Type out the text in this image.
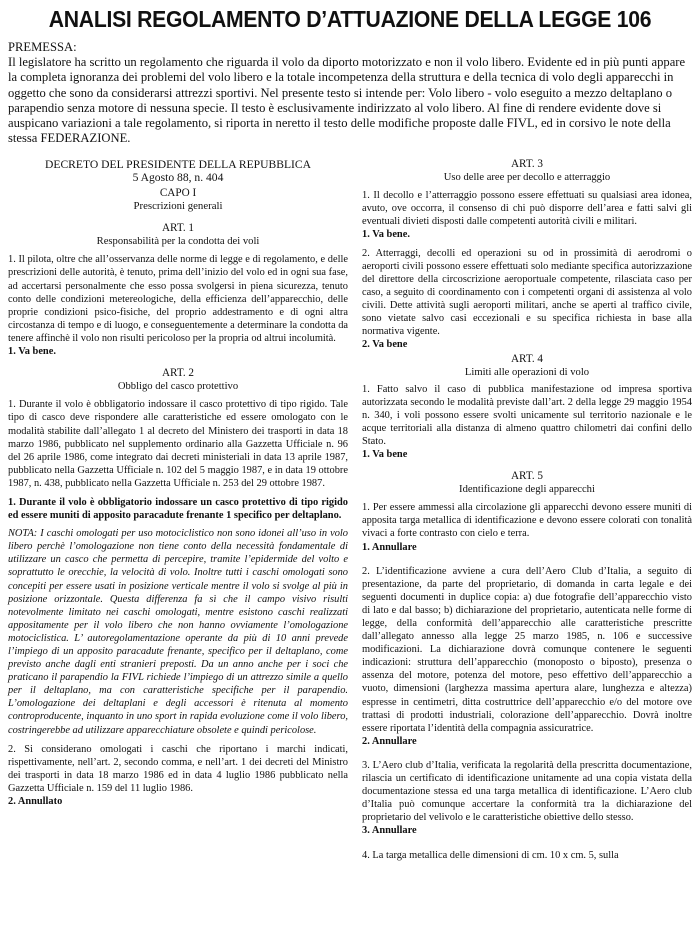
ANALISI REGOLAMENTO D’ATTUAZIONE DELLA LEGGE 106
PREMESSA:
Il legislatore ha scritto un regolamento che riguarda il volo da diporto motorizzato e non il volo libero. Evidente ed in più punti appare la completa ignoranza dei problemi del volo libero e la totale incompetenza della struttura e della tecnica di volo degli apparecchi in oggetto che sono da considerarsi attrezzi sportivi. Nel presente testo si intende per: Volo libero - volo eseguito a mezzo deltaplano o parapendio senza motore di nessuna specie. Il testo è esclusivamente indirizzato al volo libero. Al fine di rendere evidente dove si auspicano variazioni a tale regolamento, si riporta in neretto il testo delle modifiche proposte dalle FIVL, ed in corsivo le note della stessa FEDERAZIONE.
DECRETO DEL PRESIDENTE DELLA REPUBBLICA
5 Agosto 88, n. 404
CAPO I
Prescrizioni generali
ART. 1
Responsabilità per la condotta dei voli

1. Il pilota, oltre che all’osservanza delle norme di legge e di regolamento, e delle prescrizioni delle autorità, è tenuto, prima dell’inizio del volo ed in ogni sua fase, ad accertarsi personalmente che esso possa svolgersi in piena sicurezza, tenuto conto delle condizioni metereologiche, della efficienza dell’apparecchio, delle proprie condizioni psico-fisiche, del proprio addestramento e di ogni altra circostanza di tempo e di luogo, e conseguentemente a determinare la condotta da tenere affinchè il volo non risulti pericoloso per la propria od altrui incolumità.

1. Va bene.

ART. 2
Obbligo del casco protettivo

1. Durante il volo è obbligatorio indossare il casco protettivo di tipo rigido. Tale tipo di casco deve rispondere alle caratteristiche ed essere omologato con le modalità stabilite dall’allegato 1 al decreto del Ministero dei trasporti in data 18 marzo 1986, pubblicato nel supplemento ordinario alla Gazzetta Ufficiale n. 96 del 26 aprile 1986, come integrato dai decreti ministeriali in data 13 aprile 1987, pubblicato nella Gazzetta Ufficiale n. 102 del 5 maggio 1987, e in data 19 ottobre 1987, n. 438, pubblicato nella Gazzetta Ufficiale n. 253 del 29 ottobre 1987.

1. Durante il volo è obbligatorio indossare un casco protettivo di tipo rigido ed essere muniti di apposito paracadute frenante 1 specifico per deltaplano.

NOTA: I caschi omologati per uso motociclistico non sono idonei all’uso in volo libero perchè l’omologazione non tiene conto della necessità fondamentale di utilizzare un casco che permetta di percepire, tramite l’epidermide del volto e soprattutto le orecchie, la velocità di volo. Inoltre tutti i caschi omologati sono concepiti per essere usati in posizione verticale mentre il volo si svolge al più in posizione orizzontale. Questa differenza fa sì che il campo visivo risulti notevolmente limitato nei caschi omologati, mentre esistono caschi realizzati appositamente per il volo libero che non hanno ovviamente l’omologazione motociclistica. L’ autoregolamentazione operante da più di 10 anni prevede l’impiego di un apposito paracadute frenante, specifico per il deltaplano, come previsto anche dagli enti stranieri preposti. Da un anno anche per i soci che praticano il parapendio la FIVL richiede l’impiego di un attrezzo simile a quello per il deltaplano, ma con caratteristiche specifiche per il parapendio. L’omologazione dei deltaplani e degli accessori è ritenuta al momento controproducente, inquanto in uno sport in rapida evoluzione come il volo libero, costringerebbe ad utilizzare apparecchiature obsolete e quindi pericolose.

2. Si considerano omologati i caschi che riportano i marchi indicati, rispettivamente, nell’art. 2, secondo comma, e nell’art. 1 dei decreti del Ministro dei trasporti in data 18 marzo 1986 ed in data 4 luglio 1986 pubblicato nella Gazzetta Ufficiale n. 159 del 11 luglio 1986.

2. Annullato

ART. 3
Uso delle aree per decollo e atterraggio

1. Il decollo e l’atterraggio possono essere effettuati su qualsiasi area idonea, avuto, ove occorra, il consenso di chi può disporre dell’area e fatti salvi gli eventuali divieti disposti dalle competenti autorità civili e militari.

1. Va bene.

2. Atterraggi, decolli ed operazioni su od in prossimità di aerodromi o aeroporti civili possono essere effettuati solo mediante specifica autorizzazione del direttore della circoscrizione aeroportuale competente, rilasciata caso per caso, a seguito di coordinamento con i competenti organi di assistenza al volo civili. Dette attività sugli aeroporti militari, anche se aperti al traffico civile, sono vietate salvo casi eccezionali e su specifica richiesta in base alla normativa vigente.

2. Va bene

ART. 4
Limiti alle operazioni di volo

1. Fatto salvo il caso di pubblica manifestazione od impresa sportiva autorizzata secondo le modalità previste dall’art. 2 della legge 29 maggio 1954 n. 340, i voli possono essere svolti unicamente sul territorio nazionale e le acque territoriali alla distanza di almeno quattro chilometri dai confini dello Stato.

1. Va bene

ART. 5
Identificazione degli apparecchi

1. Per essere ammessi alla circolazione gli apparecchi devono essere muniti di apposita targa metallica di identificazione e devono essere colorati con tonalità vivaci a forte contrasto con cielo e terra.

1. Annullare

2. L’identificazione avviene a cura dell’Aero Club d’Italia, a seguito di presentazione, da parte del proprietario, di domanda in carta legale e dei seguenti documenti in duplice copia: a) due fotografie dell’apparecchio visto di lato e dal basso; b) dichiarazione del proprietario, autenticata nelle forme di legge, della conformità dell’apparecchio alle caratteristiche prescritte dall’allegato annesso alla legge 25 marzo 1985, n. 106 e successive modificazioni. La dichiarazione dovrà comunque contenere le seguenti indicazioni: struttura dell’apparecchio (monoposto o biposto), presenza o assenza del motore, potenza del motore, peso effettivo dell’apparecchio a vuoto, dimensioni (larghezza massima apertura alare, lunghezza e altezza) espresse in centimetri, ditta costruttrice dell’apparecchio e/o del motore ove trattasi di prodotti industriali, colorazione dell’apparecchio. Dovrà inoltre essere riportata l’identità della compagnia assicuratrice.

2. Annullare

3. L’Aero club d’Italia, verificata la regolarità della prescritta documentazione, rilascia un certificato di identificazione unitamente ad una copia vistata della documentazione stessa ed una targa metallica di identificazione. L’Aero club d’Italia può comunque accertare la conformità tra la dichiarazione del proprietario del velivolo e le caratteristiche obiettive dello stesso.

3. Annullare

4. La targa metallica delle dimensioni di cm. 10 x cm. 5, sulla
